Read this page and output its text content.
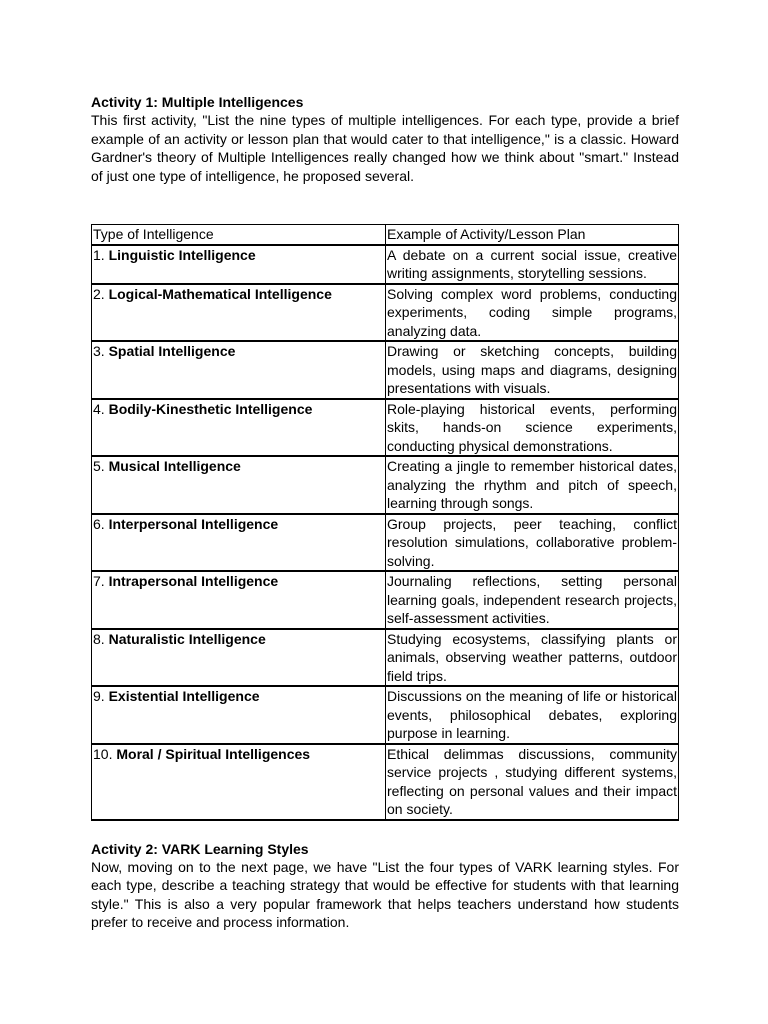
Activity 1: Multiple Intelligences

This first activity, "List the nine types of multiple intelligences. For each type, provide a brief example of an activity or lesson plan that would cater to that intelligence," is a classic. Howard Gardner's theory of Multiple Intelligences really changed how we think about "smart." Instead of just one type of intelligence, he proposed several.

Type of Intelligence	Example of Activity/Lesson Plan
1. Linguistic Intelligence	A debate on a current social issue, creative writing assignments, storytelling sessions.
2. Logical-Mathematical Intelligence	Solving complex word problems, conducting experiments, coding simple programs, analyzing data.
3. Spatial Intelligence	Drawing or sketching concepts, building models, using maps and diagrams, designing presentations with visuals.
4. Bodily-Kinesthetic Intelligence	Role-playing historical events, performing skits, hands-on science experiments, conducting physical demonstrations.
5. Musical Intelligence	Creating a jingle to remember historical dates, analyzing the rhythm and pitch of speech, learning through songs.
6. Interpersonal Intelligence	Group projects, peer teaching, conflict resolution simulations, collaborative problem-solving.
7. Intrapersonal Intelligence	Journaling reflections, setting personal learning goals, independent research projects, self-assessment activities.
8. Naturalistic Intelligence	Studying ecosystems, classifying plants or animals, observing weather patterns, outdoor field trips.
9. Existential Intelligence	Discussions on the meaning of life or historical events, philosophical debates, exploring purpose in learning.
10. Moral / Spiritual Intelligences	Ethical delimmas discussions, community service projects , studying different systems, reflecting on personal values and their impact on society.
Activity 2: VARK Learning Styles

Now, moving on to the next page, we have "List the four types of VARK learning styles. For each type, describe a teaching strategy that would be effective for students with that learning style." This is also a very popular framework that helps teachers understand how students prefer to receive and process information.
